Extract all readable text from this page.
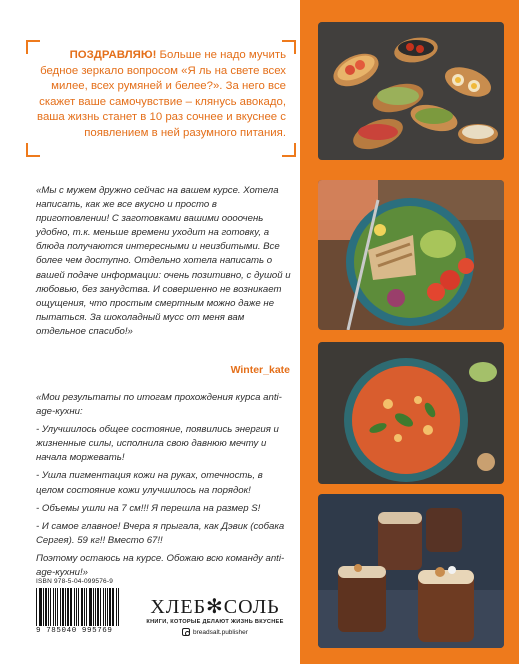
ПОЗДРАВЛЯЮ! Больше не надо мучить бедное зеркало вопросом «Я ль на свете всех милее, всех румяней и белее?». За него все скажет ваше самочувствие – клянусь авокадо, ваша жизнь станет в 10 раз сочнее и вкуснее с появлением в ней разумного питания.

«Мы с мужем дружно сейчас на вашем курсе. Хотела написать, как же все вкусно и просто в приготовлении! С заготовками вашими оооочень удобно, т.к. меньше времени уходит на готовку, а блюда получаются интересными и неизбитыми. Все более чем доступно. Отдельно хотела написать о вашей подаче информации: очень позитивно, с душой и любовью, без занудства. И совершенно не возникает ощущения, что простым смертным можно даже не пытаться. За шоколадный мусс от меня вам отдельное спасибо!»

Winter_kate

«Мои результаты по итогам прохождения курса anti-age-кухни:

- Улучшилось общее состояние, появились энергия и жизненные силы, исполнила свою давнюю мечту и начала моржевать!

- Ушла пигментация кожи на руках, отечность, в целом состояние кожи улучшилось на порядок!

- Объемы ушли на 7 см!!! Я перешла на размер S!

- И самое главное! Вчера я прыгала, как Дэвик (собака Сергея). 59 кг!! Вместо 67!!

Поэтому остаюсь на курсе. Обожаю всю команду anti-age-кухни!»

ISBN 978-5-04-099576-9
9 785040 995769
ХЛЕБ✻СОЛЬ
КНИГИ, КОТОРЫЕ ДЕЛАЮТ ЖИЗНЬ ВКУСНЕЕ
breadsalt.publisher
